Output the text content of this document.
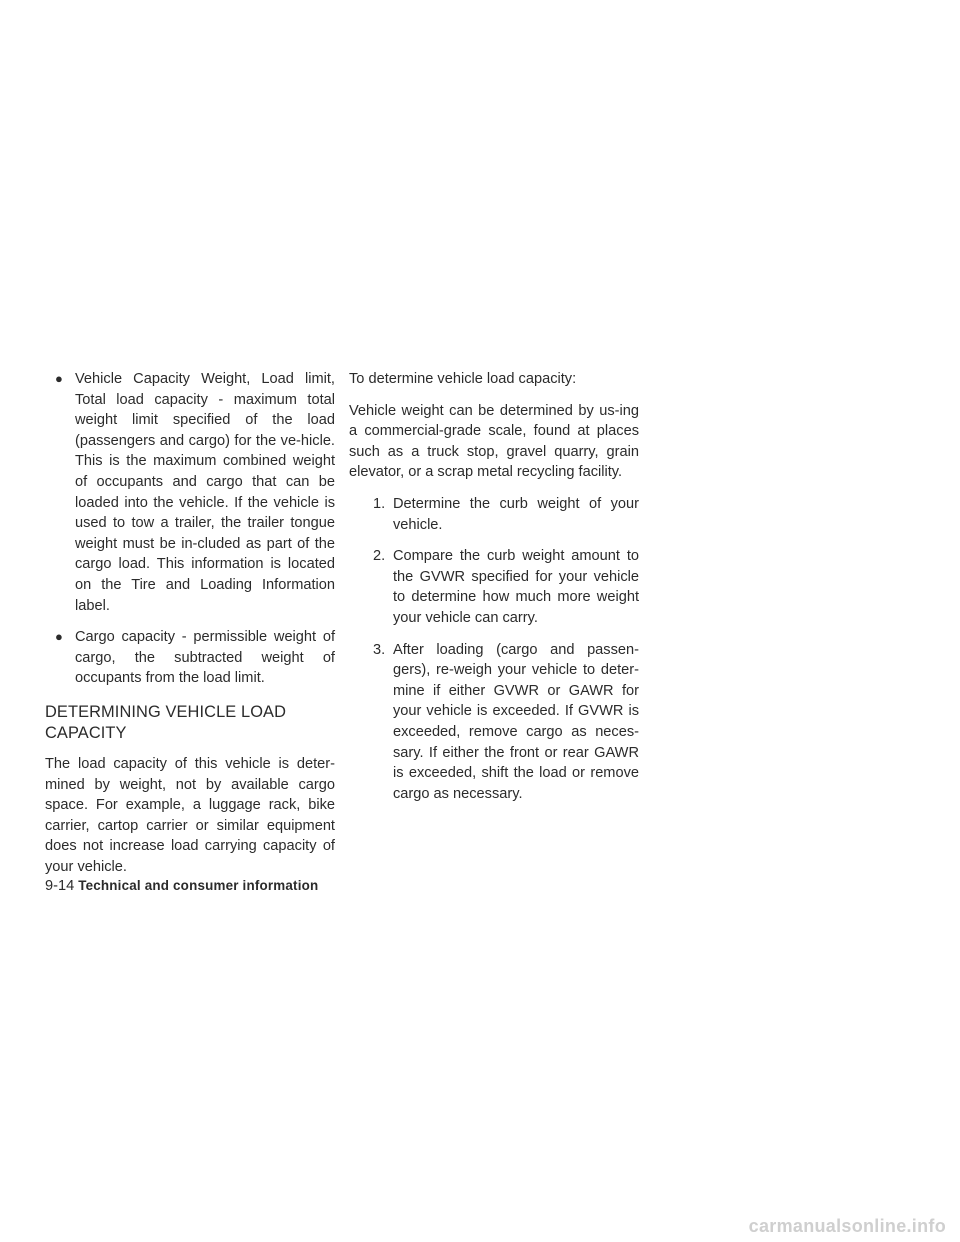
● Vehicle Capacity Weight, Load limit, Total load capacity - maximum total weight limit specified of the load (passengers and cargo) for the ve-hicle. This is the maximum combined weight of occupants and cargo that can be loaded into the vehicle. If the vehicle is used to tow a trailer, the trailer tongue weight must be in-cluded as part of the cargo load. This information is located on the Tire and Loading Information label.
● Cargo capacity - permissible weight of cargo, the subtracted weight of occupants from the load limit.
DETERMINING VEHICLE LOAD CAPACITY

The load capacity of this vehicle is deter-mined by weight, not by available cargo space. For example, a luggage rack, bike carrier, cartop carrier or similar equipment does not increase load carrying capacity of your vehicle.

To determine vehicle load capacity:

Vehicle weight can be determined by us-ing a commercial-grade scale, found at places such as a truck stop, gravel quarry, grain elevator, or a scrap metal recycling facility.

1. Determine the curb weight of your vehicle.
2. Compare the curb weight amount to the GVWR specified for your vehicle to determine how much more weight your vehicle can carry.
3. After loading (cargo and passen-gers), re-weigh your vehicle to deter-mine if either GVWR or GAWR for your vehicle is exceeded. If GVWR is exceeded, remove cargo as neces-sary. If either the front or rear GAWR is exceeded, shift the load or remove cargo as necessary.
9-14 Technical and consumer information
carmanualsonline.info
